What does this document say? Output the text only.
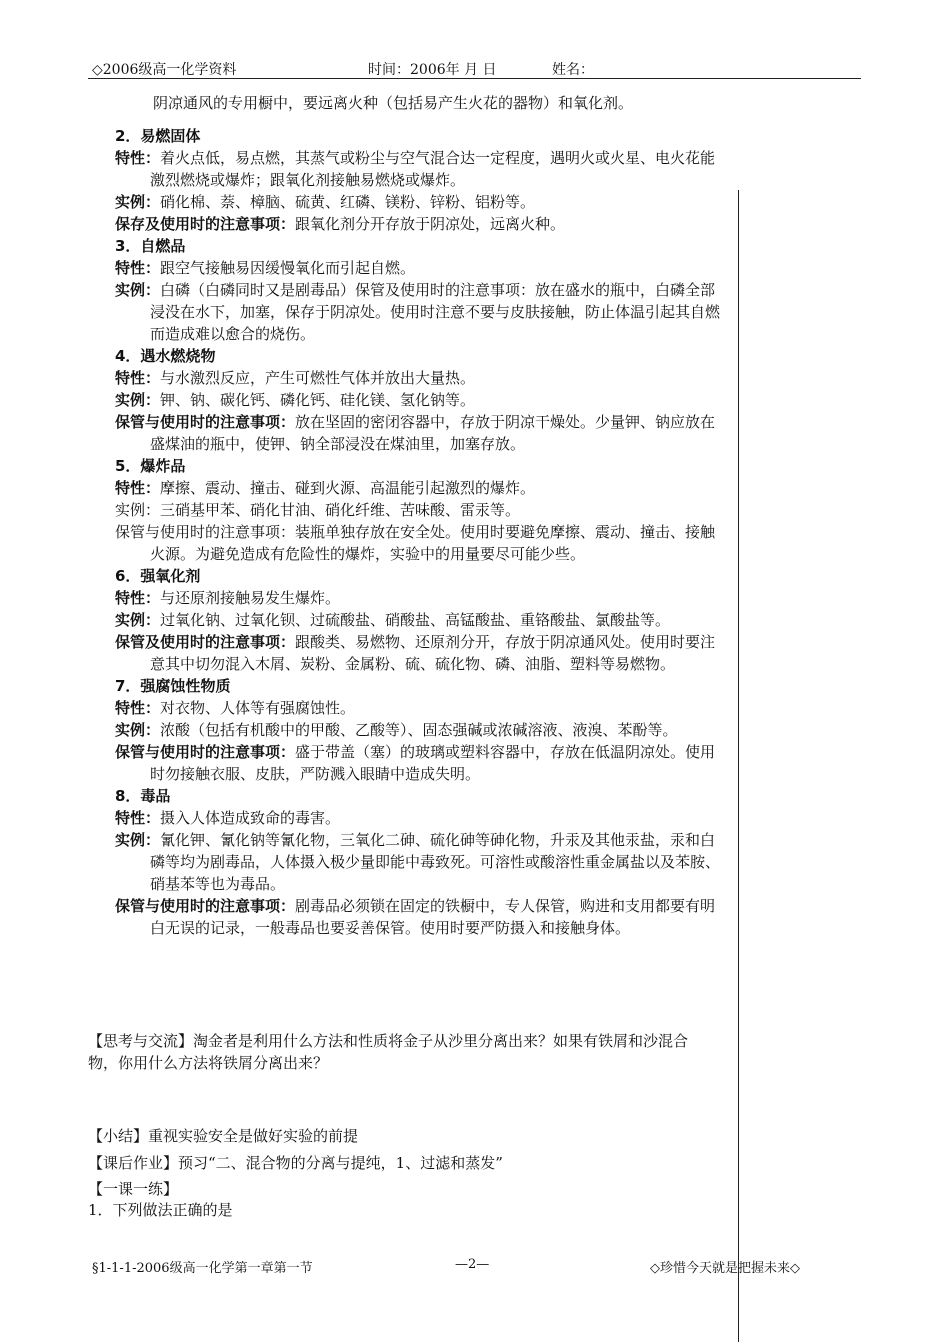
◇2006级高一化学资料	时间：2006年 月 日	姓名：

阴凉通风的专用橱中，要远离火种（包括易产生火花的器物）和氧化剂。

2．易燃固体
特性：着火点低，易点燃，其蒸气或粉尘与空气混合达一定程度，遇明火或火星、电火花能激烈燃烧或爆炸；跟氧化剂接触易燃烧或爆炸。
实例：硝化棉、萘、樟脑、硫黄、红磷、镁粉、锌粉、铝粉等。
保存及使用时的注意事项：跟氧化剂分开存放于阴凉处，远离火种。
3．自燃品
特性：跟空气接触易因缓慢氧化而引起自燃。
实例：白磷（白磷同时又是剧毒品）保管及使用时的注意事项：放在盛水的瓶中，白磷全部浸没在水下，加塞，保存于阴凉处。使用时注意不要与皮肤接触，防止体温引起其自燃而造成难以愈合的烧伤。
4．遇水燃烧物
特性：与水激烈反应，产生可燃性气体并放出大量热。
实例：钾、钠、碳化钙、磷化钙、硅化镁、氢化钠等。
保管与使用时的注意事项：放在坚固的密闭容器中，存放于阴凉干燥处。少量钾、钠应放在盛煤油的瓶中，使钾、钠全部浸没在煤油里，加塞存放。
5．爆炸品
特性：摩擦、震动、撞击、碰到火源、高温能引起激烈的爆炸。
实例：三硝基甲苯、硝化甘油、硝化纤维、苦味酸、雷汞等。
保管与使用时的注意事项：装瓶单独存放在安全处。使用时要避免摩擦、震动、撞击、接触火源。为避免造成有危险性的爆炸，实验中的用量要尽可能少些。
6．强氧化剂
特性：与还原剂接触易发生爆炸。
实例：过氧化钠、过氧化钡、过硫酸盐、硝酸盐、高锰酸盐、重铬酸盐、氯酸盐等。
保管及使用时的注意事项：跟酸类、易燃物、还原剂分开，存放于阴凉通风处。使用时要注意其中切勿混入木屑、炭粉、金属粉、硫、硫化物、磷、油脂、塑料等易燃物。
7．强腐蚀性物质
特性：对衣物、人体等有强腐蚀性。
实例：浓酸（包括有机酸中的甲酸、乙酸等）、固态强碱或浓碱溶液、液溴、苯酚等。
保管与使用时的注意事项：盛于带盖（塞）的玻璃或塑料容器中，存放在低温阴凉处。使用时勿接触衣服、皮肤，严防溅入眼睛中造成失明。
8．毒品
特性：摄入人体造成致命的毒害。
实例：氰化钾、氰化钠等氰化物，三氧化二砷、硫化砷等砷化物，升汞及其他汞盐，汞和白磷等均为剧毒品，人体摄入极少量即能中毒致死。可溶性或酸溶性重金属盐以及苯胺、硝基苯等也为毒品。
保管与使用时的注意事项：剧毒品必须锁在固定的铁橱中，专人保管，购进和支用都要有明白无误的记录，一般毒品也要妥善保管。使用时要严防摄入和接触身体。
【思考与交流】淘金者是利用什么方法和性质将金子从沙里分离出来？如果有铁屑和沙混合物，你用什么方法将铁屑分离出来？
【小结】重视实验安全是做好实验的前提
【课后作业】预习“二、混合物的分离与提纯，1、过滤和蒸发”
【一课一练】
1．下列做法正确的是
§1-1-1-2006级高一化学第一章第一节	—2—	◇珍惜今天就是把握未来◇
